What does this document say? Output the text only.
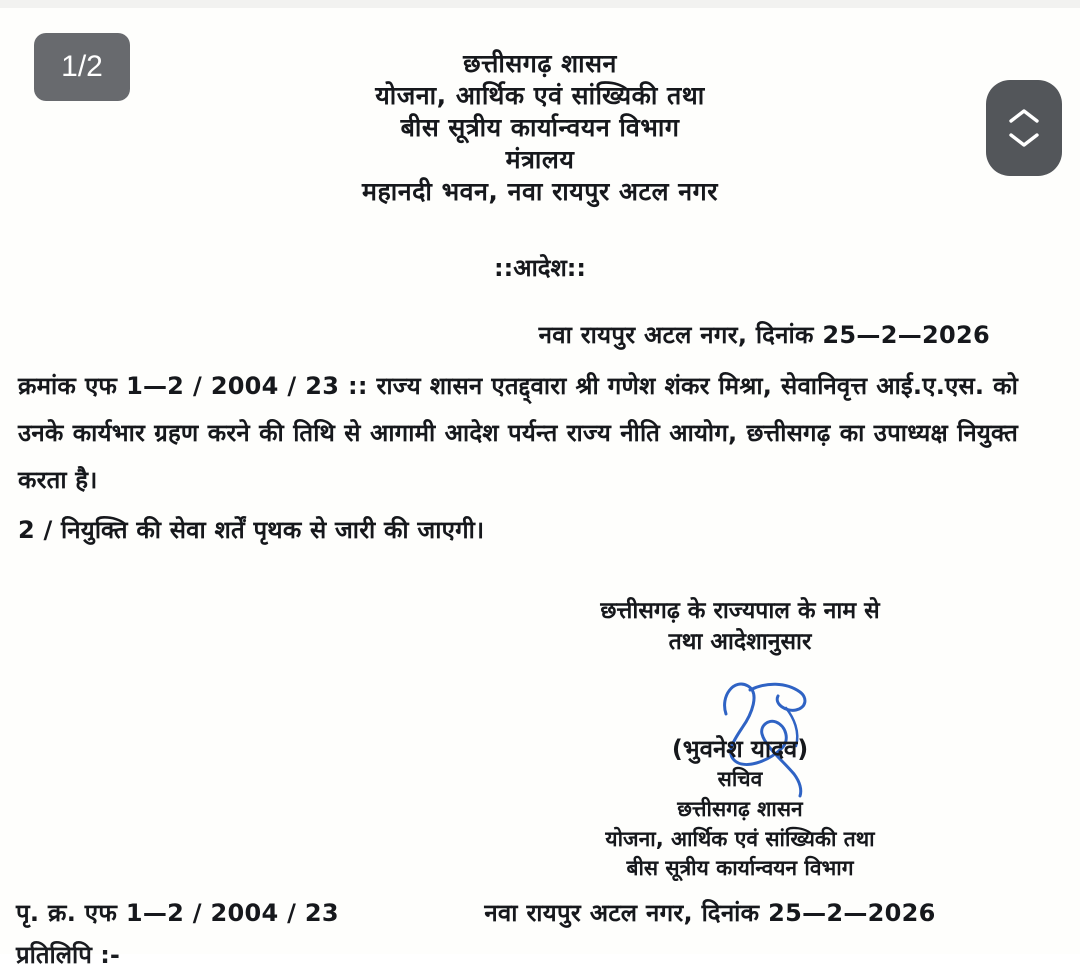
छत्तीसगढ़ शासन
योजना, आर्थिक एवं सांख्यिकी तथा
बीस सूत्रीय कार्यान्वयन विभाग
मंत्रालय
महानदी भवन, नवा रायपुर अटल नगर
::आदेश::
नवा रायपुर अटल नगर, दिनांक 25—2—2026

क्रमांक एफ 1—2 / 2004 / 23 :: राज्य शासन एतद्द्वारा श्री गणेश शंकर मिश्रा, सेवानिवृत्त आई.ए.एस. को उनके कार्यभार ग्रहण करने की तिथि से आगामी आदेश पर्यन्त राज्य नीति आयोग, छत्तीसगढ़ का उपाध्यक्ष नियुक्त करता है।

2 / नियुक्ति की सेवा शर्तें पृथक से जारी की जाएगी।

छत्तीसगढ़ के राज्यपाल के नाम से
तथा आदेशानुसार
(भुवनेश यादव)
सचिव
छत्तीसगढ़ शासन
योजना, आर्थिक एवं सांख्यिकी तथा
बीस सूत्रीय कार्यान्वयन विभाग
पृ. क्र. एफ 1—2 / 2004 / 23	नवा रायपुर अटल नगर, दिनांक 25—2—2026
प्रतिलिपि :-
1/2
